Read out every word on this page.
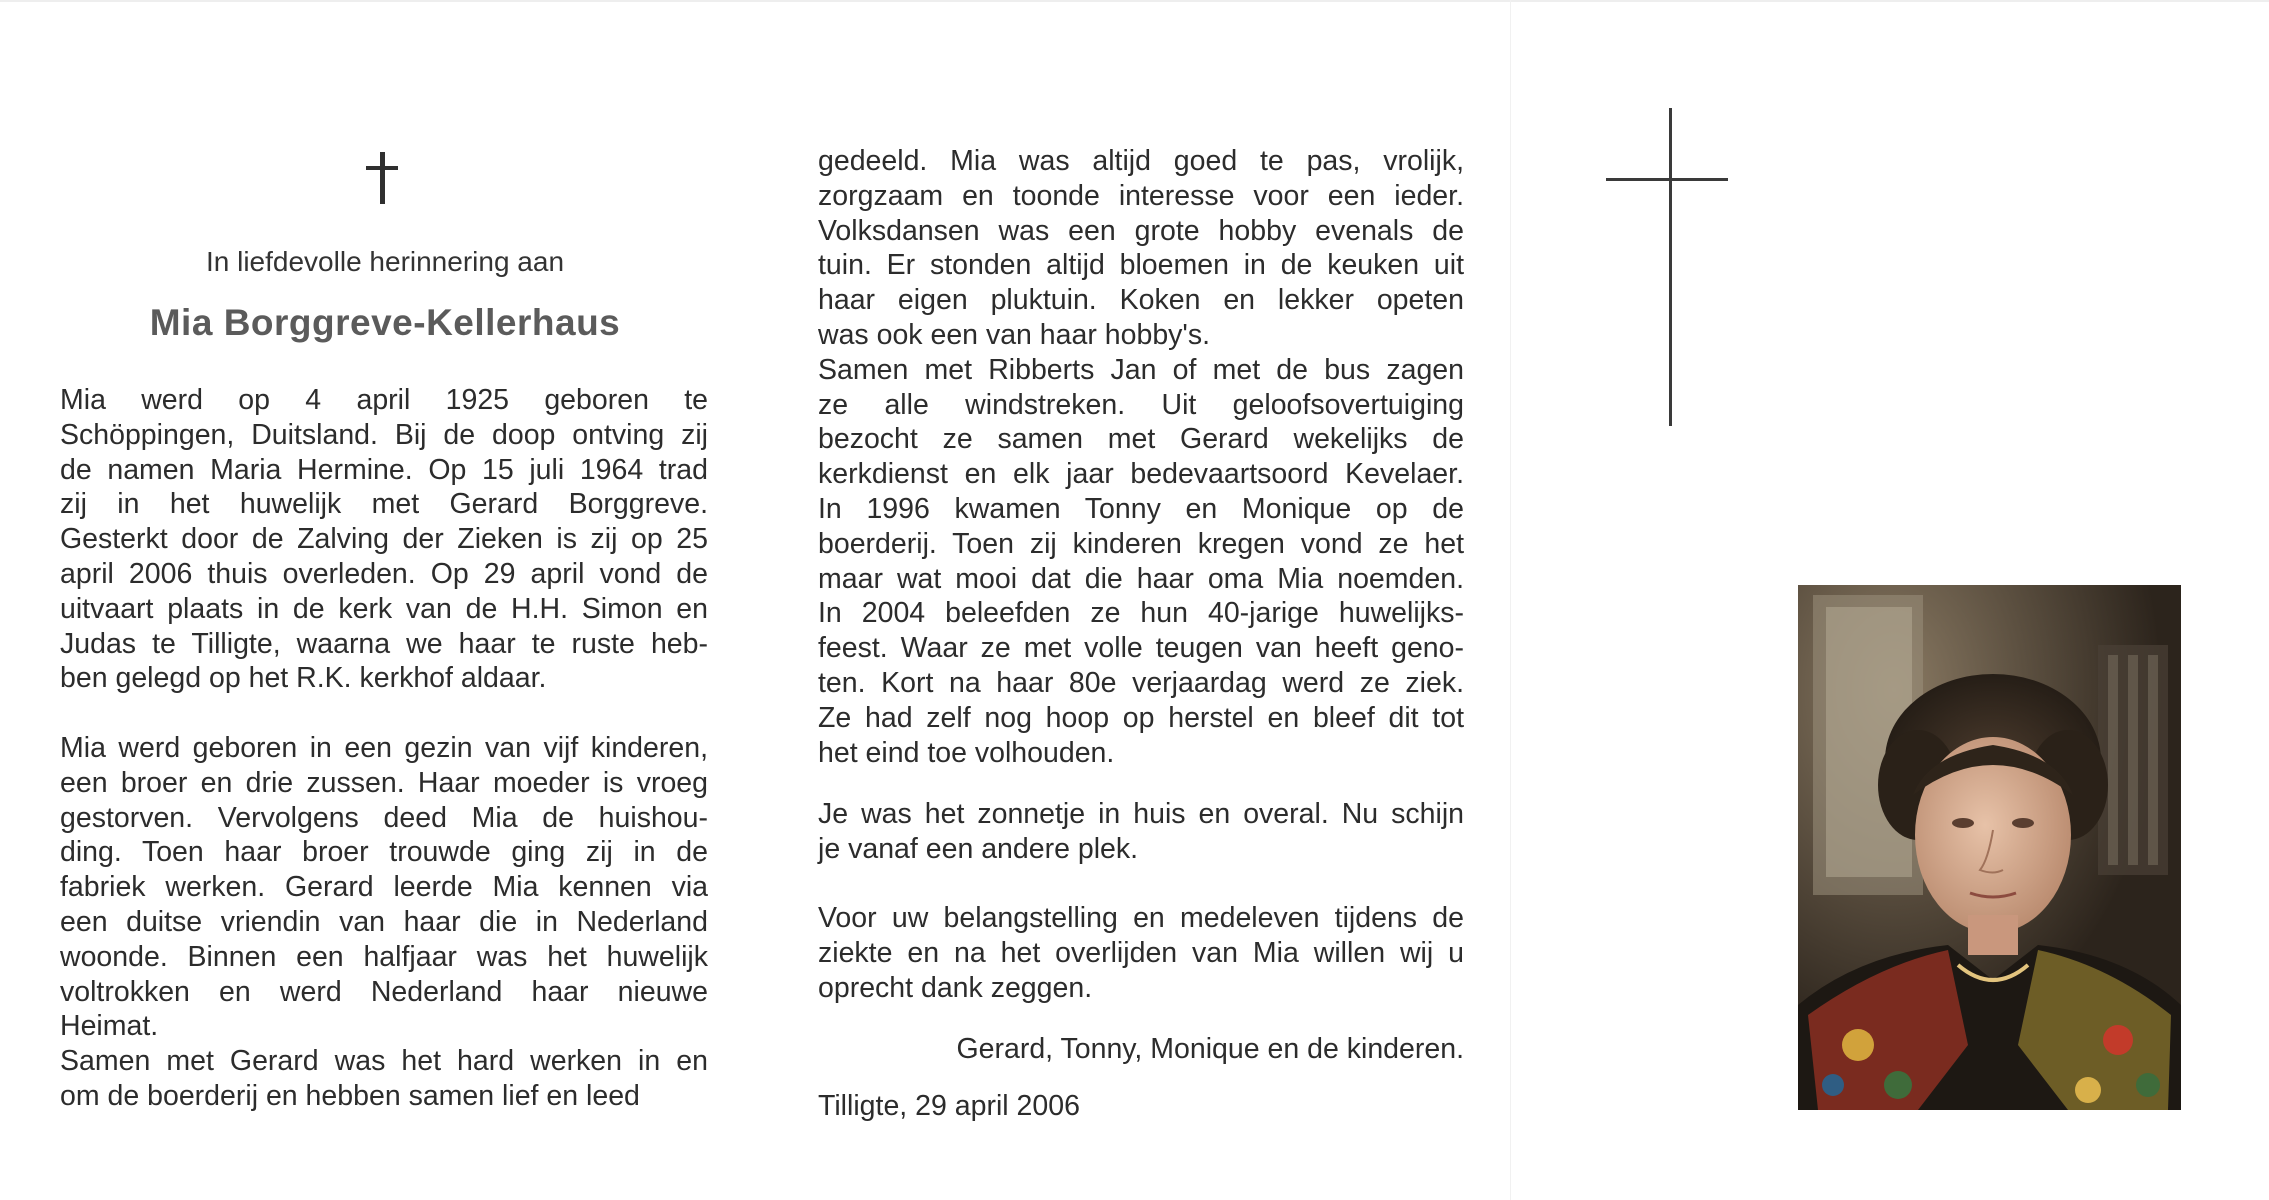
In liefdevolle herinnering aan
Mia Borggreve-Kellerhaus
Mia werd op 4 april 1925 geboren te
Schöppingen, Duitsland. Bij de doop ontving zij
de namen Maria Hermine. Op 15 juli 1964 trad
zij in het huwelijk met Gerard Borggreve.
Gesterkt door de Zalving der Zieken is zij op 25
april 2006 thuis overleden. Op 29 april vond de
uitvaart plaats in de kerk van de H.H. Simon en
Judas te Tilligte, waarna we haar te ruste heb-
ben gelegd op het R.K. kerkhof aldaar.
Mia werd geboren in een gezin van vijf kinderen,
een broer en drie zussen. Haar moeder is vroeg
gestorven. Vervolgens deed Mia de huishou-
ding. Toen haar broer trouwde ging zij in de
fabriek werken. Gerard leerde Mia kennen via
een duitse vriendin van haar die in Nederland
woonde. Binnen een halfjaar was het huwelijk
voltrokken en werd Nederland haar nieuwe
Heimat.
Samen met Gerard was het hard werken in en
om de boerderij en hebben samen lief en leed
gedeeld. Mia was altijd goed te pas, vrolijk,
zorgzaam en toonde interesse voor een ieder.
Volksdansen was een grote hobby evenals de
tuin. Er stonden altijd bloemen in de keuken uit
haar eigen pluktuin. Koken en lekker opeten
was ook een van haar hobby's.
Samen met Ribberts Jan of met de bus zagen
ze alle windstreken. Uit geloofsovertuiging
bezocht ze samen met Gerard wekelijks de
kerkdienst en elk jaar bedevaartsoord Kevelaer.
In 1996 kwamen Tonny en Monique op de
boerderij. Toen zij kinderen kregen vond ze het
maar wat mooi dat die haar oma Mia noemden.
In 2004 beleefden ze hun 40-jarige huwelijks-
feest. Waar ze met volle teugen van heeft geno-
ten. Kort na haar 80e verjaardag werd ze ziek.
Ze had zelf nog hoop op herstel en bleef dit tot
het eind toe volhouden.
Je was het zonnetje in huis en overal. Nu schijn
je vanaf een andere plek.
Voor uw belangstelling en medeleven tijdens de
ziekte en na het overlijden van Mia willen wij u
oprecht dank zeggen.
Gerard, Tonny, Monique en de kinderen.
Tilligte, 29 april 2006
